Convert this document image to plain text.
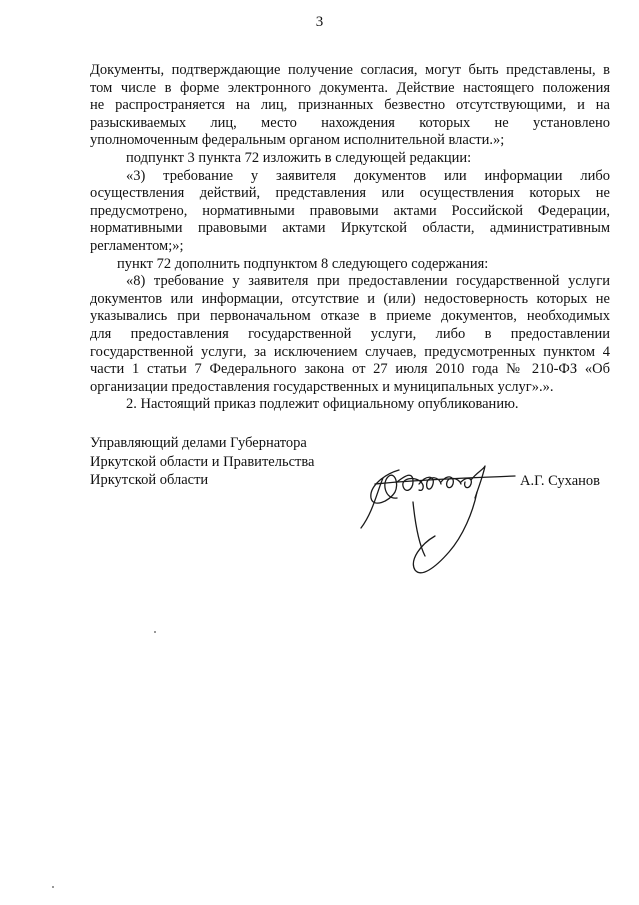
3
Документы, подтверждающие получение согласия, могут быть представлены, в
том числе в форме электронного документа. Действие настоящего положения
не распространяется на лиц, признанных безвестно отсутствующими, и на
разыскиваемых лиц, место нахождения которых не установлено
уполномоченным федеральным органом исполнительной власти.»;
подпункт 3 пункта 72 изложить в следующей редакции:
«3) требование у заявителя документов или информации либо
осуществления действий, представления или осуществления которых не
предусмотрено, нормативными правовыми актами Российской Федерации,
нормативными правовыми актами Иркутской области, административным
регламентом;»;
пункт 72 дополнить подпунктом 8 следующего содержания:
«8) требование у заявителя при предоставлении государственной услуги
документов или информации, отсутствие и (или) недостоверность которых не
указывались при первоначальном отказе в приеме документов, необходимых
для предоставления государственной услуги, либо в предоставлении
государственной услуги, за исключением случаев, предусмотренных пунктом 4
части 1 статьи 7 Федерального закона от 27 июля 2010 года № 210-ФЗ «Об
организации предоставления государственных и муниципальных услуг».».
2. Настоящий приказ подлежит официальному опубликованию.
Управляющий делами Губернатора
Иркутской области и Правительства
Иркутской области	А.Г. Суханов
